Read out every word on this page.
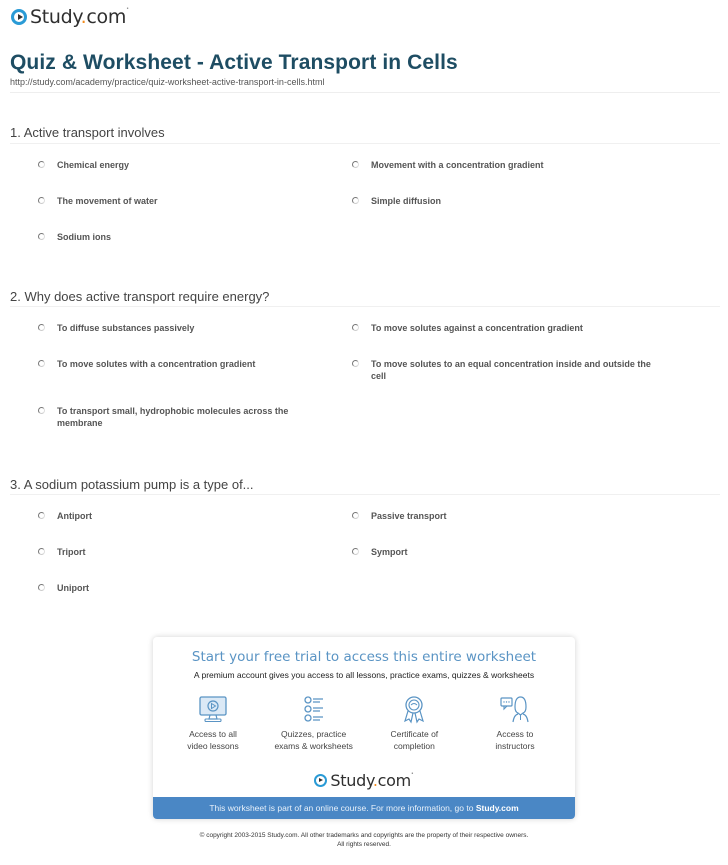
Study.com•
Quiz & Worksheet - Active Transport in Cells
http://study.com/academy/practice/quiz-worksheet-active-transport-in-cells.html
1. Active transport involves
Chemical energy	Movement with a concentration gradient
The movement of water	Simple diffusion
Sodium ions
2. Why does active transport require energy?
To diffuse substances passively	To move solutes against a concentration gradient
To move solutes with a concentration gradient	To move solutes to an equal concentration inside and outside the cell
To transport small, hydrophobic molecules across the membrane
3. A sodium potassium pump is a type of...
Antiport	Passive transport
Triport	Symport
Uniport
Start your free trial to access this entire worksheet
A premium account gives you access to all lessons, practice exams, quizzes & worksheets
Access to all
video lessons
Quizzes, practice
exams & worksheets
Certificate of
completion
Access to
instructors
Study.com•
This worksheet is part of an online course. For more information, go to Study.com
© copyright 2003-2015 Study.com. All other trademarks and copyrights are the property of their respective owners.
All rights reserved.
